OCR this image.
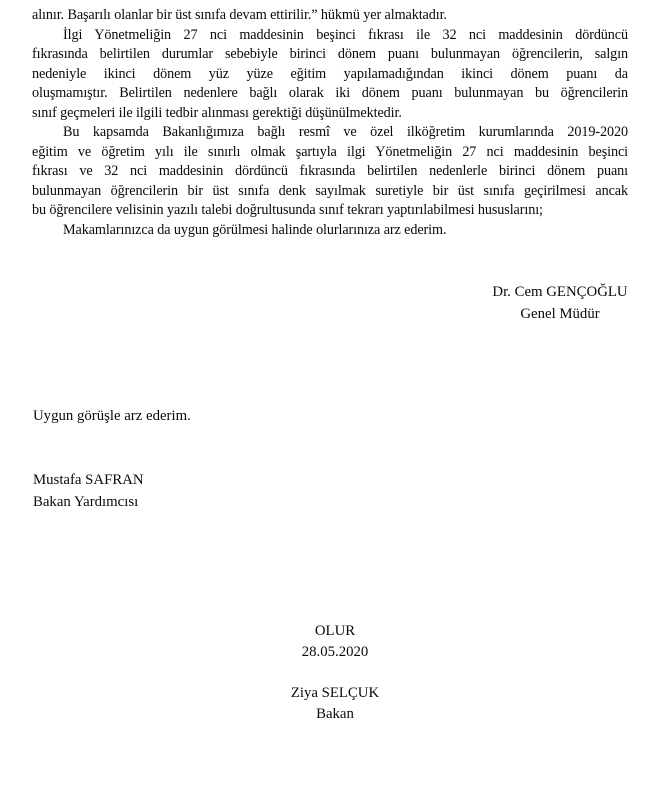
alınır. Başarılı olanlar bir üst sınıfa devam ettirilir.” hükmü yer almaktadır.
İlgi Yönetmeliğin 27 nci maddesinin beşinci fıkrası ile 32 nci maddesinin dördüncü
fıkrasında belirtilen durumlar sebebiyle birinci dönem puanı bulunmayan öğrencilerin, salgın
nedeniyle ikinci dönem yüz yüze eğitim yapılamadığından ikinci dönem puanı da
oluşmamıştır. Belirtilen nedenlere bağlı olarak iki dönem puanı bulunmayan bu öğrencilerin
sınıf geçmeleri ile ilgili tedbir alınması gerektiği düşünülmektedir.
Bu kapsamda Bakanlığımıza bağlı resmî ve özel ilköğretim kurumlarında 2019-2020
eğitim ve öğretim yılı ile sınırlı olmak şartıyla ilgi Yönetmeliğin 27 nci maddesinin beşinci
fıkrası ve 32 nci maddesinin dördüncü fıkrasında belirtilen nedenlerle birinci dönem puanı
bulunmayan öğrencilerin bir üst sınıfa denk sayılmak suretiyle bir üst sınıfa geçirilmesi ancak
bu öğrencilere velisinin yazılı talebi doğrultusunda sınıf tekrarı yaptırılabilmesi hususlarını;
Makamlarınızca da uygun görülmesi halinde olurlarınıza arz ederim.
Dr. Cem GENÇOĞLU
Genel Müdür
Uygun görüşle arz ederim.
Mustafa SAFRAN
Bakan Yardımcısı
OLUR
28.05.2020
Ziya SELÇUK
Bakan
